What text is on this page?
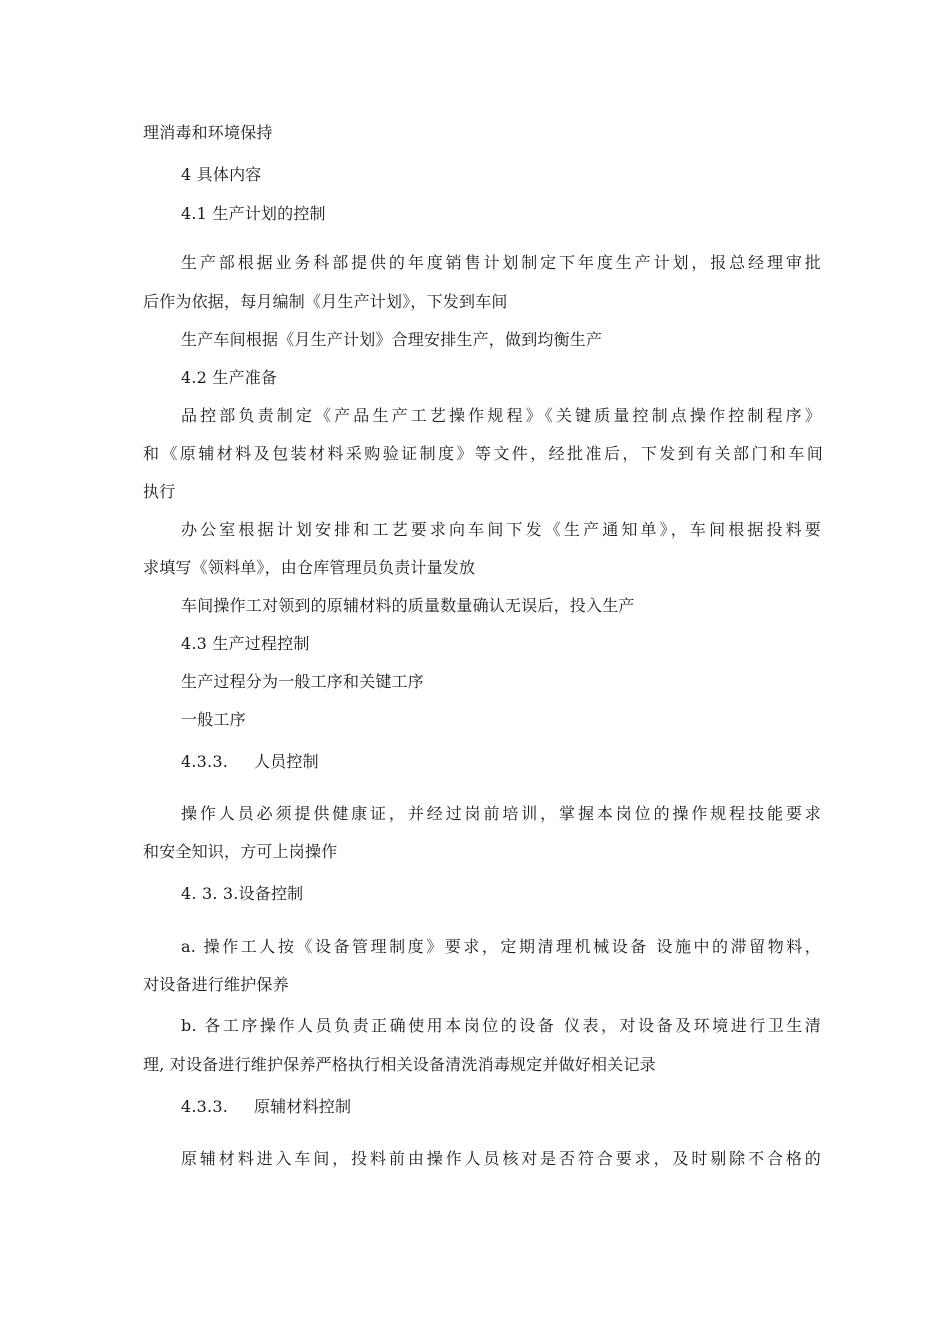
理消毒和环境保持
4 具体内容
4.1 生产计划的控制
生产部根据业务科部提供的年度销售计划制定下年度生产计划，报总经理审批
后作为依据，每月编制《月生产计划》，下发到车间
生产车间根据《月生产计划》合理安排生产，做到均衡生产
4.2 生产准备
品控部负责制定《产品生产工艺操作规程》《关键质量控制点操作控制程序》
和《原辅材料及包装材料采购验证制度》等文件，经批准后，下发到有关部门和车间
执行
办公室根据计划安排和工艺要求向车间下发《生产通知单》，车间根据投料要
求填写《领料单》，由仓库管理员负责计量发放
车间操作工对领到的原辅材料的质量数量确认无误后，投入生产
4.3 生产过程控制
生产过程分为一般工序和关键工序
一般工序
4.3.3. 人员控制
操作人员必须提供健康证，并经过岗前培训，掌握本岗位的操作规程技能要求
和安全知识，方可上岗操作
4. 3. 3.设备控制
a. 操作工人按《设备管理制度》要求，定期清理机械设备 设施中的滞留物料，
对设备进行维护保养
b. 各工序操作人员负责正确使用本岗位的设备 仪表，对设备及环境进行卫生清
理, 对设备进行维护保养严格执行相关设备清洗消毒规定并做好相关记录
4.3.3. 原辅材料控制
原辅材料进入车间，投料前由操作人员核对是否符合要求，及时剔除不合格的
